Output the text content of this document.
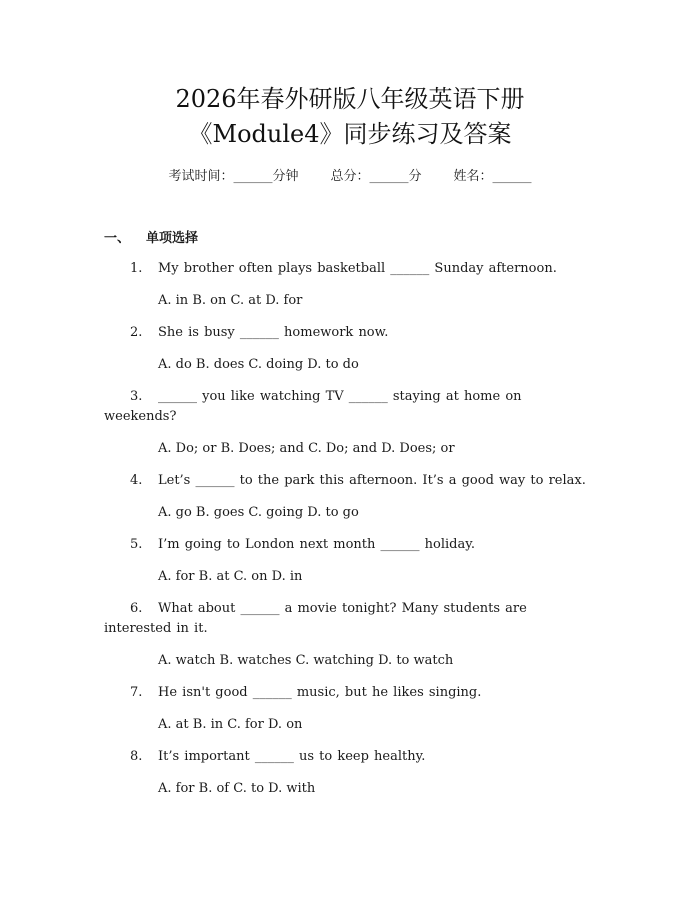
2026年春外研版八年级英语下册
《Module4》同步练习及答案
考试时间：______分钟 总分：______分 姓名：______
一、 单项选择
1. My brother often plays basketball ______ Sunday afternoon.
A. in B. on C. at D. for
2. She is busy ______ homework now.
A. do B. does C. doing D. to do
3. ______ you like watching TV ______ staying at home on weekends?
A. Do; or B. Does; and C. Do; and D. Does; or
4. Let’s ______ to the park this afternoon. It’s a good way to relax.
A. go B. goes C. going D. to go
5. I’m going to London next month ______ holiday.
A. for B. at C. on D. in
6. What about ______ a movie tonight? Many students are interested in it.
A. watch B. watches C. watching D. to watch
7. He isn't good ______ music, but he likes singing.
A. at B. in C. for D. on
8. It’s important ______ us to keep healthy.
A. for B. of C. to D. with
